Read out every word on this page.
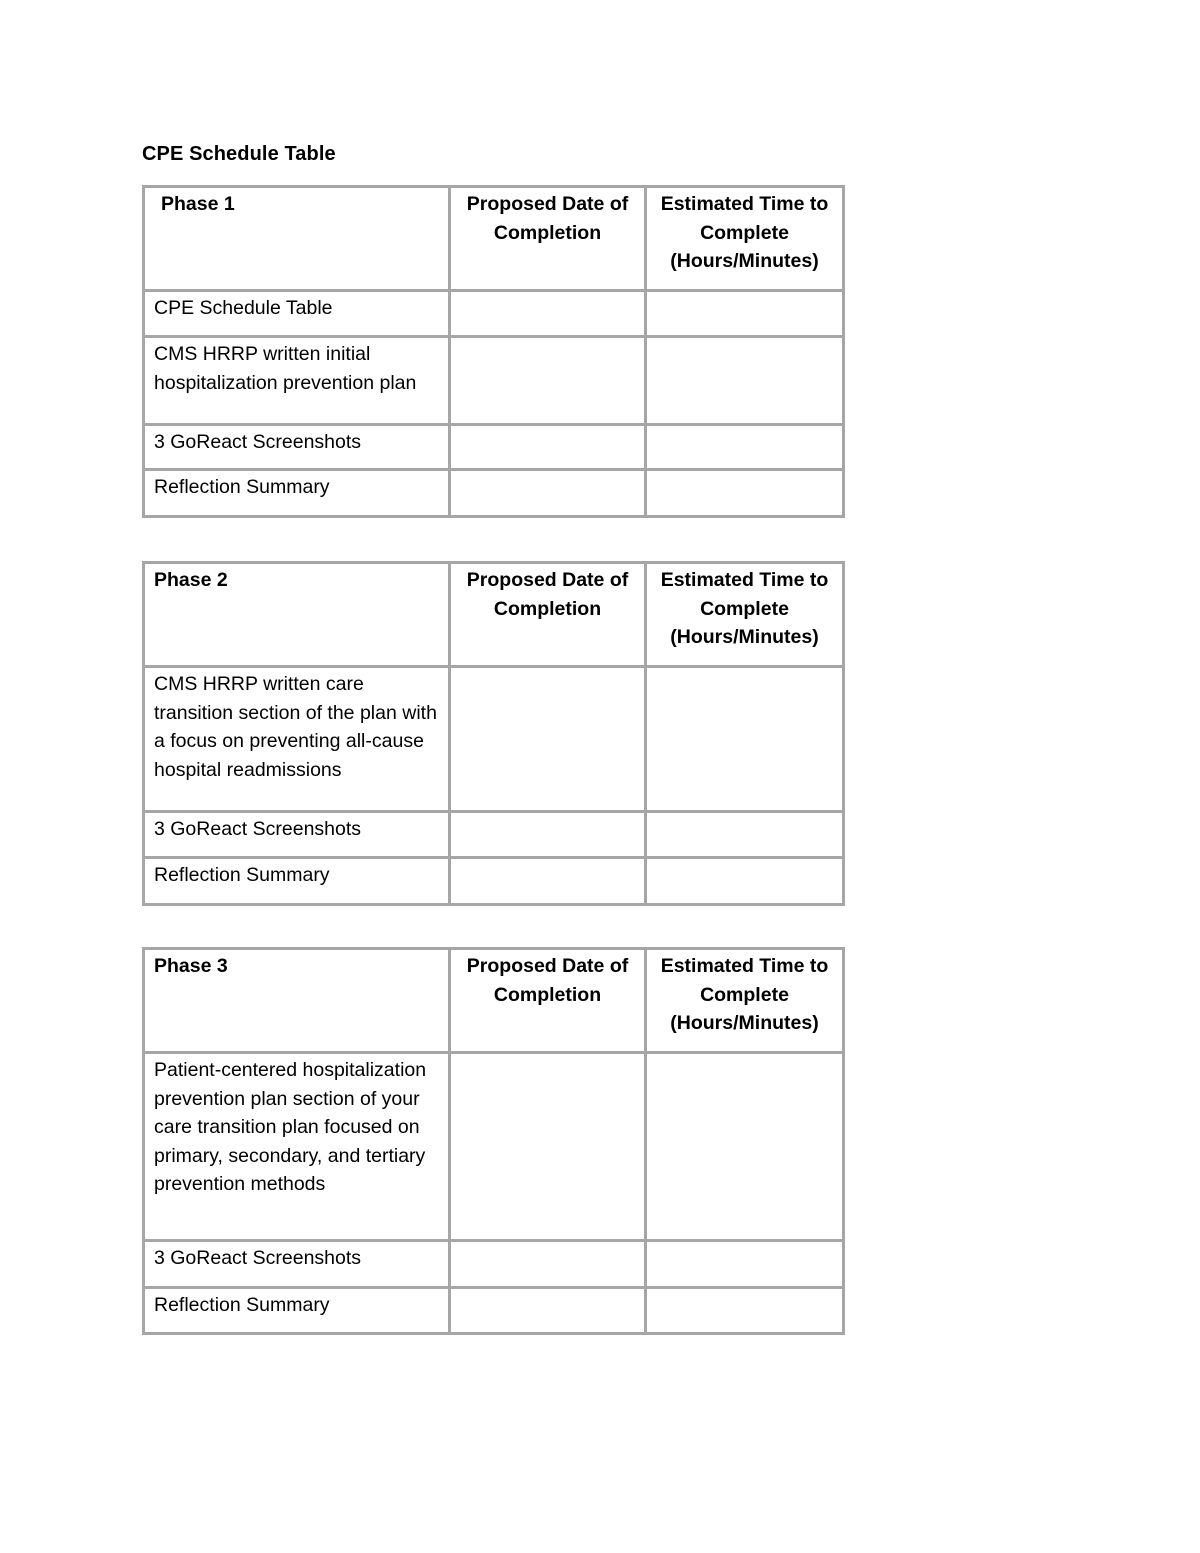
CPE Schedule Table
Phase 1	Proposed Date of Completion	Estimated Time to Complete (Hours/Minutes)
CPE Schedule Table		
CMS HRRP written initial hospitalization prevention plan		
3 GoReact Screenshots		
Reflection Summary		
Phase 2	Proposed Date of Completion	Estimated Time to Complete (Hours/Minutes)
CMS HRRP written care transition section of the plan with a focus on preventing all-cause hospital readmissions		
3 GoReact Screenshots		
Reflection Summary		
Phase 3	Proposed Date of Completion	Estimated Time to Complete (Hours/Minutes)
Patient-centered hospitalization prevention plan section of your care transition plan focused on primary, secondary, and tertiary prevention methods		
3 GoReact Screenshots		
Reflection Summary		
